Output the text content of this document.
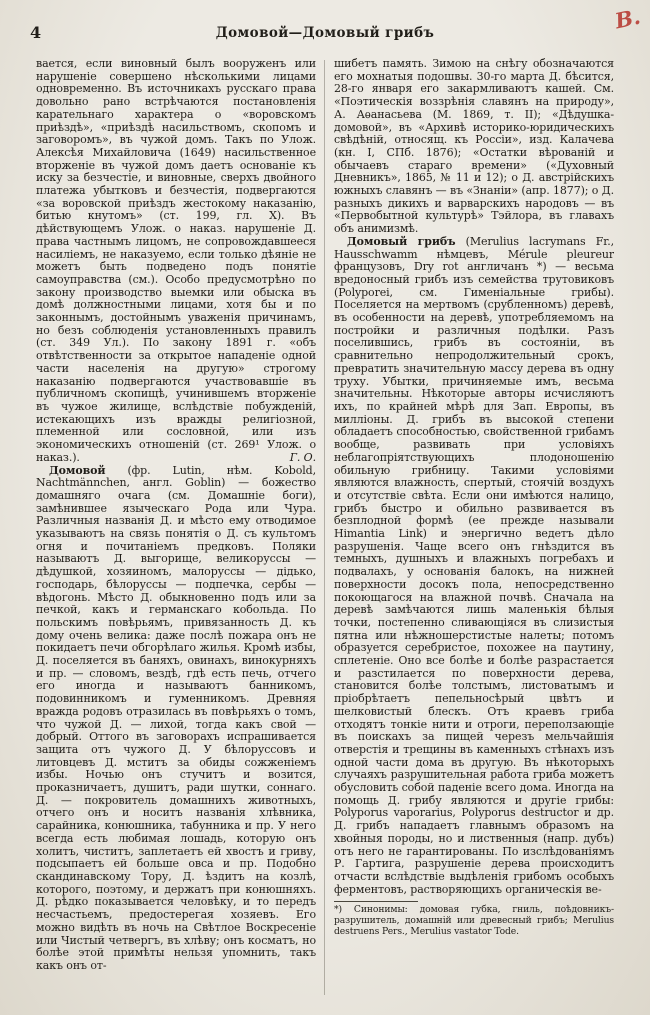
4	Домовой—Домовый грибъ	В.

вается, если виновный былъ вооруженъ или нарушеніе совершено нѣсколькими лицами одновременно. Въ источникахъ русскаго права довольно рано встрѣчаются постановленія карательнаго характера о «воровскомъ приѣздѣ», «приѣздѣ насильствомъ, скопомъ и заговоромъ», въ чужой домъ. Такъ по Улож. Алексѣя Михайловича (1649) насильственное вторженіе въ чужой домъ даетъ основаніе къ иску за безчестіе, и виновные, сверхъ двойного платежа убытковъ и безчестія, подвергаются «за воровской приѣздъ жестокому наказанію, битью кнутомъ» (ст. 199, гл. X). Въ дѣйствующемъ Улож. о наказ. нарушеніе Д. права частнымъ лицомъ, не сопровождавшееся насиліемъ, не наказуемо, если только дѣяніе не можетъ быть подведено подъ понятіе самоуправства (см.). Особо предусмотрѣно по закону производство выемки или обыска въ домѣ должностными лицами, хотя бы и по законнымъ, достойнымъ уваженія причинамъ, но безъ соблюденія установленныхъ правилъ (ст. 349 Ул.). По закону 1891 г. «объ отвѣтственности за открытое нападеніе одной части населенія на другую» строгому наказанію подвергаются участвовавшіе въ публичномъ скопищѣ, учинившемъ вторженіе въ чужое жилище, вслѣдствіе побужденій, истекающихъ изъ вражды религіозной, племенной или сословной, или изъ экономическихъ отношеній (ст. 269¹ Улож. о наказ.).	Г. О.

Домовой (фр. Lutin, нѣм. Kobold, Nachtmännchen, англ. Goblin) — божество домашняго очага (см. Домашніе боги), замѣнившее языческаго Рода или Чура. Различныя названія Д. и мѣсто ему отводимое указываютъ на связь понятія о Д. съ культомъ огня и почитаніемъ предковъ. Поляки называютъ Д. выгорище, великоруссы — дѣдушкой, хозяиномъ, малоруссы — дідько, господарь, бѣлоруссы — подпечка, сербы — вѣдогонь. Мѣсто Д. обыкновенно подъ или за печкой, какъ и германскаго кобольда. По польскимъ повѣрьямъ, привязанность Д. къ дому очень велика: даже послѣ пожара онъ не покидаетъ печи обгорѣлаго жилья. Кромѣ избы, Д. поселяется въ баняхъ, овинахъ, винокурняхъ и пр. — словомъ, вездѣ, гдѣ есть печь, отчего его иногда и называютъ банникомъ, подовинникомъ и гуменникомъ. Древняя вражда родовъ отразилась въ повѣрьяхъ о томъ, что чужой Д. — лихой, тогда какъ свой — добрый. Оттого въ заговорахъ испрашивается защита отъ чужого Д. У бѣлоруссовъ и литовцевъ Д. мститъ за обиды сожженіемъ избы. Ночью онъ стучитъ и возится, проказничаетъ, душитъ, ради шутки, соннаго. Д. — покровитель домашнихъ животныхъ, отчего онъ и носитъ названія хлѣвника, сарайника, конюшника, табунника и пр. У него всегда есть любимая лошадь, которую онъ холитъ, чиститъ, заплетаетъ ей хвостъ и гриву, подсыпаетъ ей больше овса и пр. Подобно скандинавскому Тору, Д. ѣздитъ на козлѣ, которого, поэтому, и держатъ при конюшняхъ. Д. рѣдко показывается человѣку, и то передъ несчастьемъ, предостерегая хозяевъ. Его можно видѣть въ ночь на Свѣтлое Воскресеніе или Чистый четвергъ, въ хлѣву; онъ косматъ, но болѣе этой примѣты нельзя упомнить, такъ какъ онъ от-

шибетъ память. Зимою на снѣгу обозначаются его мохнатыя подошвы. 30-го марта Д. бѣсится, 28-го января его закармливаютъ кашей. См. «Поэтическія воззрѣнія славянъ на природу», А. Аѳанасьева (М. 1869, т. II); «Дѣдушка-домовой», въ «Архивѣ историко-юридическихъ свѣдѣній, относящ. къ Россіи», изд. Калачева (кн. I, СПб. 1876); «Остатки вѣрованій и обычаевъ стараго времени» («Духовный Дневникъ», 1865, № 11 и 12); о Д. австрійскихъ южныхъ славянъ — въ «Знаніи» (апр. 1877); о Д. разныхъ дикихъ и варварскихъ народовъ — въ «Первобытной культурѣ» Тэйлора, въ главахъ объ анимизмѣ.

Домовый грибъ (Merulius lacrymans Fr., Hausschwamm нѣмцевъ, Mérule pleureur французовъ, Dry rot англичанъ *) — весьма вредоносный грибъ изъ семейства трутовиковъ (Polyporei, см. Гименіальные грибы). Поселяется на мертвомъ (срубленномъ) деревѣ, въ особенности на деревѣ, употребляемомъ на постройки и различныя подѣлки. Разъ поселившись, грибъ въ состояніи, въ сравнительно непродолжительный срокъ, превратить значительную массу дерева въ одну труху. Убытки, причиняемые имъ, весьма значительны. Нѣкоторые авторы исчисляютъ ихъ, по крайней мѣрѣ для Зап. Европы, въ милліоны. Д. грибъ въ высокой степени обладаетъ способностью, свойственной грибамъ вообще, развивать при условіяхъ неблагопріятствующихъ плодоношенію обильную грибницу. Такими условіями являются влажность, спертый, стоячій воздухъ и отсутствіе свѣта. Если они имѣются налицо, грибъ быстро и обильно развивается въ безплодной формѣ (ее прежде называли Himantia Link) и энергично ведетъ дѣло разрушенія. Чаще всего онъ гнѣздится въ темныхъ, душныхъ и влажныхъ погребахъ и подвалахъ, у основанія балокъ, на нижней поверхности досокъ пола, непосредственно покоющагося на влажной почвѣ. Сначала на деревѣ замѣчаются лишь маленькія бѣлыя точки, постепенно сливающіяся въ слизистыя пятна или нѣжношерстистые налеты; потомъ образуется серебристое, похожее на паутину, сплетеніе. Оно все болѣе и болѣе разрастается и разстилается по поверхности дерева, становится болѣе толстымъ, листоватымъ и пріобрѣтаетъ пепельносѣрый цвѣтъ и шелковистый блескъ. Отъ краевъ гриба отходятъ тонкіе нити и отроги, переползающіе въ поискахъ за пищей черезъ мельчайшія отверстія и трещины въ каменныхъ стѣнахъ изъ одной части дома въ другую. Въ нѣкоторыхъ случаяхъ разрушительная работа гриба можетъ обусловить собой паденіе всего дома. Иногда на помощь Д. грибу являются и другіе грибы: Polyporus vaporarius, Polyporus destructor и др. Д. грибъ нападаетъ главнымъ образомъ на хвойныя породы, но и лиственныя (напр. дубъ) отъ него не гарантированы. По изслѣдованіямъ Р. Гартига, разрушеніе дерева происходитъ отчасти вслѣдствіе выдѣленія грибомъ особыхъ ферментовъ, растворяющихъ органическія ве-

*) Синонимы: домовая губка, гниль, поѣдовникъ-разрушитель, домашній или древесный грибъ; Merulius destruens Pers., Merulius vastator Tode.
